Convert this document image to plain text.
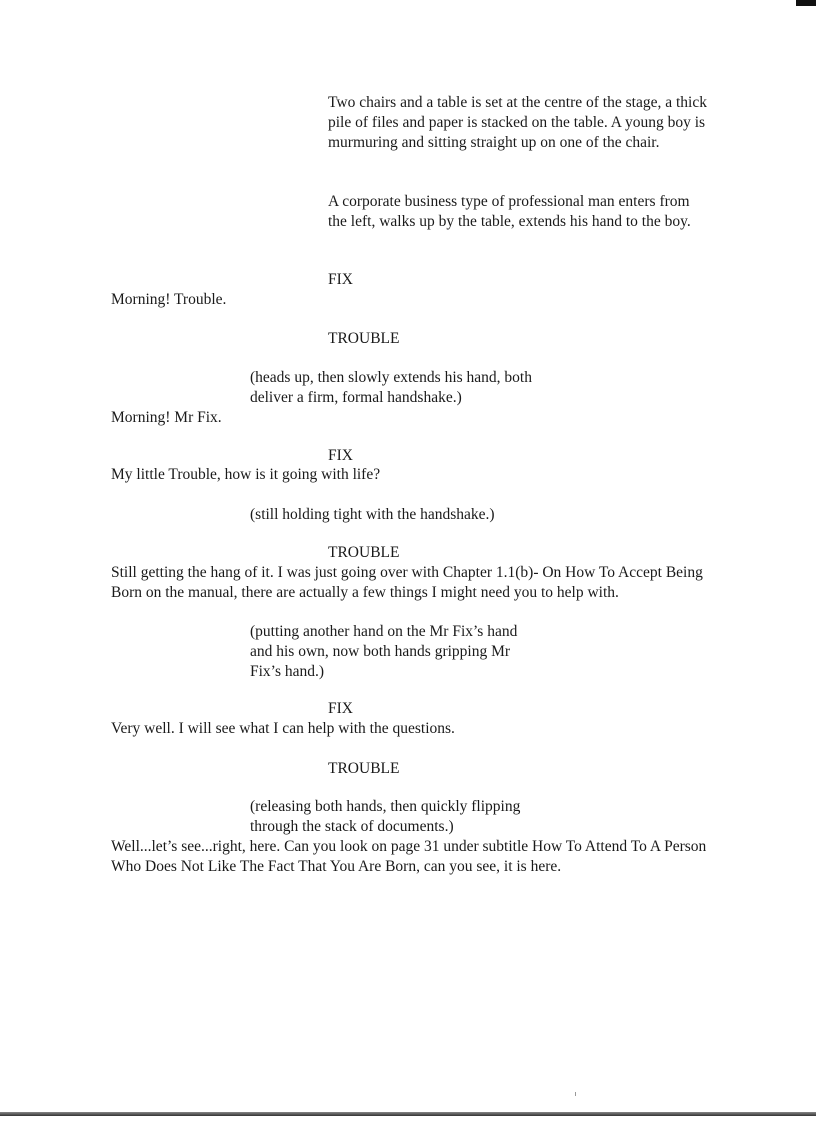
Two chairs and a table is set at the centre of the stage, a thick pile of files and paper is stacked on the table. A young boy is murmuring and sitting straight up on one of the chair.

A corporate business type of professional man enters from the left, walks up by the table, extends his hand to the boy.

FIX

Morning! Trouble.

TROUBLE

(heads up, then slowly extends his hand, both
deliver a firm, formal handshake.)

Morning! Mr Fix.

FIX

My little Trouble, how is it going with life?

(still holding tight with the handshake.)

TROUBLE

Still getting the hang of it. I was just going over with Chapter 1.1(b)- On How To Accept Being Born on the manual, there are actually a few things I might need you to help with.

(putting another hand on the Mr Fix’s hand
and his own, now both hands gripping Mr
Fix’s hand.)

FIX

Very well. I will see what I can help with the questions.

TROUBLE

(releasing both hands, then quickly flipping
through the stack of documents.)

Well...let’s see...right, here. Can you look on page 31 under subtitle How To Attend To A Person Who Does Not Like The Fact That You Are Born, can you see, it is here.
